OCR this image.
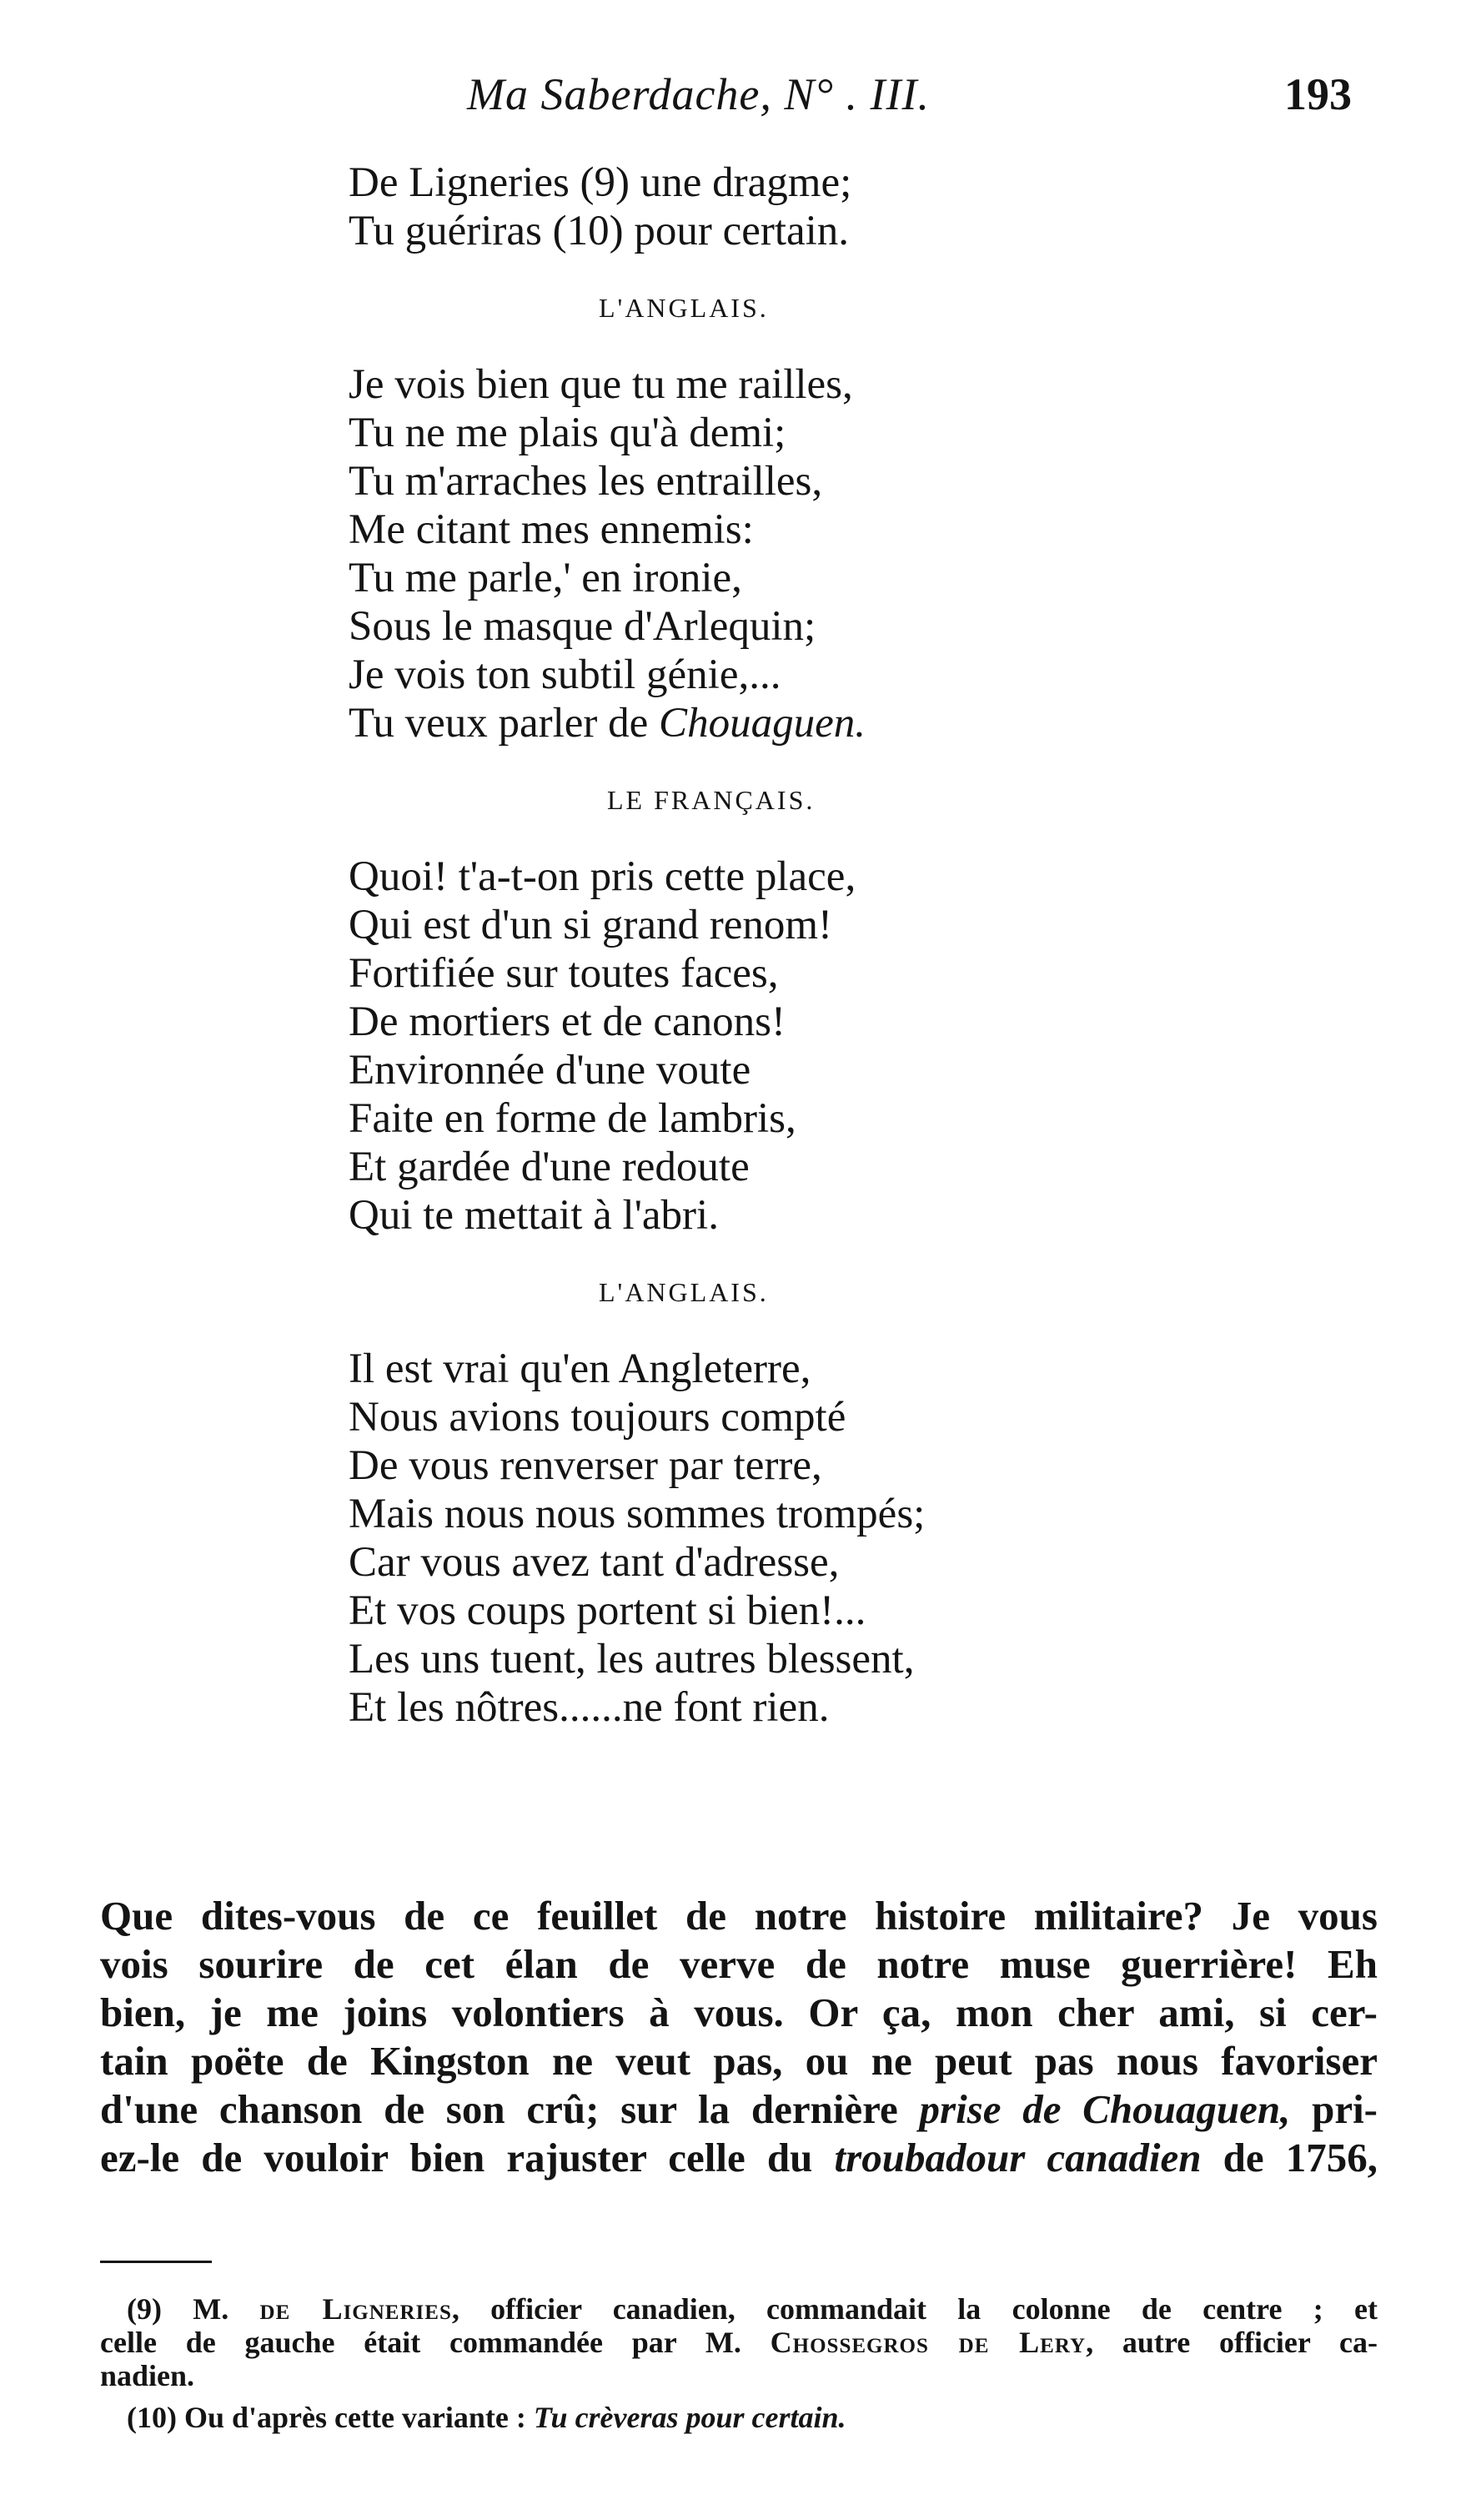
Ma Saberdache, N° . III.	193
De Ligneries (9) une dragme;
Tu guériras (10) pour certain.
L'ANGLAIS.
Je vois bien que tu me railles,
Tu ne me plais qu'à demi;
Tu m'arraches les entrailles,
Me citant mes ennemis:
Tu me parle,' en ironie,
Sous le masque d'Arlequin;
Je vois ton subtil génie,...
Tu veux parler de Chouaguen.
LE FRANÇAIS.
Quoi! t'a-t-on pris cette place,
Qui est d'un si grand renom!
Fortifiée sur toutes faces,
De mortiers et de canons!
Environnée d'une voute
Faite en forme de lambris,
Et gardée d'une redoute
Qui te mettait à l'abri.
L'ANGLAIS.
Il est vrai qu'en Angleterre,
Nous avions toujours compté
De vous renverser par terre,
Mais nous nous sommes trompés;
Car vous avez tant d'adresse,
Et vos coups portent si bien!...
Les uns tuent, les autres blessent,
Et les nôtres......ne font rien.
Que dites-vous de ce feuillet de notre histoire militaire? Je vous
vois sourire de cet élan de verve de notre muse guerrière! Eh
bien, je me joins volontiers à vous. Or ça, mon cher ami, si cer-
tain poëte de Kingston ne veut pas, ou ne peut pas nous favoriser
d'une chanson de son crû; sur la dernière prise de Chouaguen, pri-
ez-le de vouloir bien rajuster celle du troubadour canadien de 1756,
(9) M. de Ligneries, officier canadien, commandait la colonne de centre ; et
celle de gauche était commandée par M. Chossegros de Lery, autre officier ca-
nadien.
(10) Ou d'après cette variante : Tu crèveras pour certain.
